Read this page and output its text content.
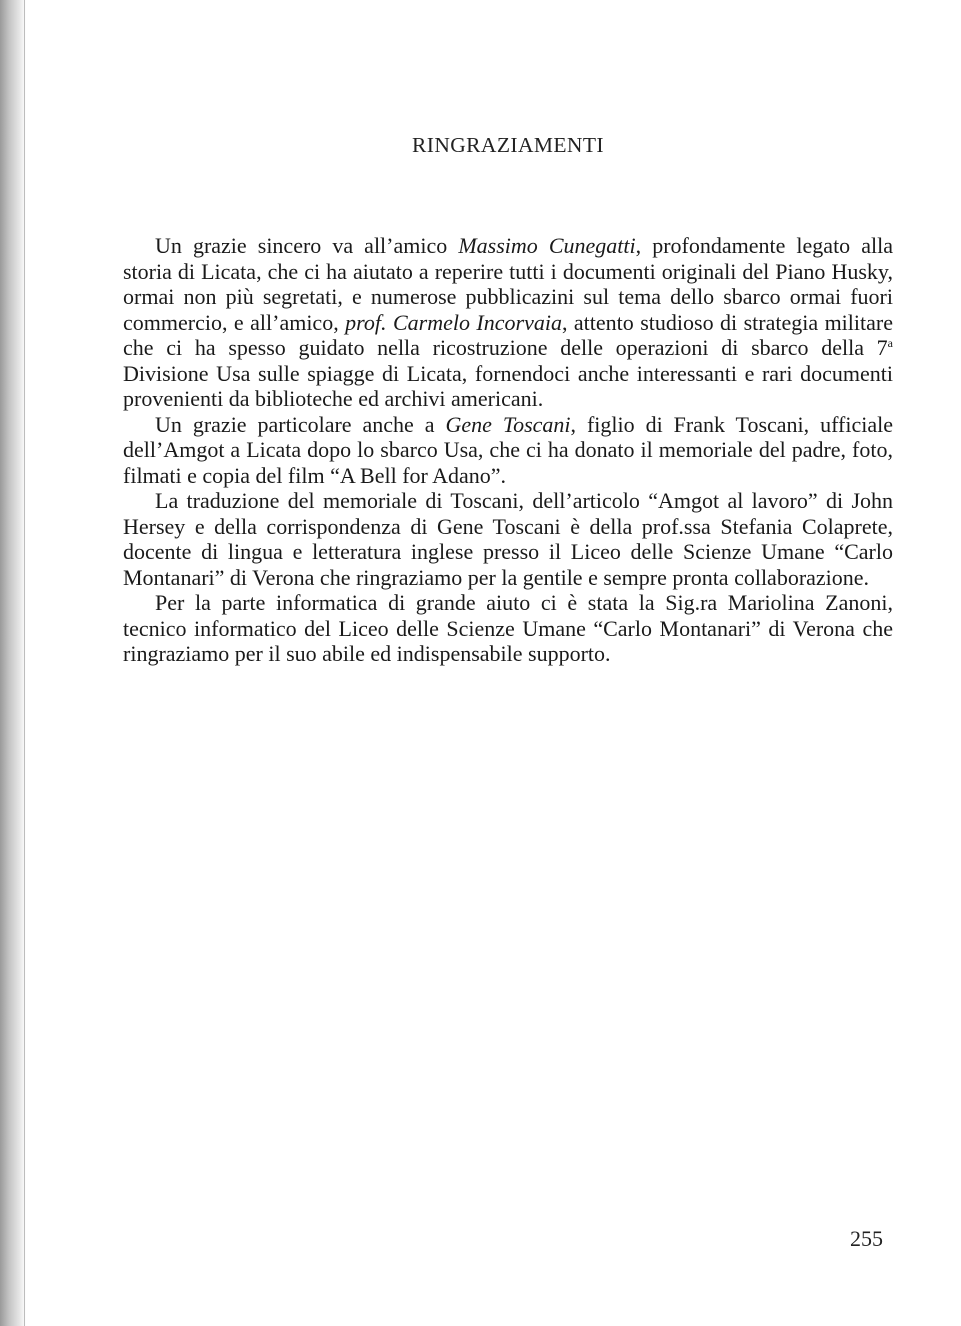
RINGRAZIAMENTI

Un grazie sincero va all’amico Massimo Cunegatti, profondamente legato alla storia di Licata, che ci ha aiutato a reperire tutti i documenti originali del Piano Husky, ormai non più segretati, e numerose pubblicazini sul tema dello sbarco ormai fuori commercio, e all’amico, prof. Carmelo Incorvaia, attento studioso di strategia militare che ci ha spesso guidato nella ricostruzione delle operazioni di sbarco della 7$^a$ Divisione Usa sulle spiagge di Licata, fornendoci anche interessanti e rari documenti provenienti da biblioteche ed archivi americani.

Un grazie particolare anche a Gene Toscani, figlio di Frank Toscani, ufficiale dell’Amgot a Licata dopo lo sbarco Usa, che ci ha donato il memoriale del padre, foto, filmati e copia del film “A Bell for Adano”.

La traduzione del memoriale di Toscani, dell’articolo “Amgot al lavoro” di John Hersey e della corrispondenza di Gene Toscani è della prof.ssa Stefania Colaprete, docente di lingua e letteratura inglese presso il Liceo delle Scienze Umane “Carlo Montanari” di Verona che ringraziamo per la gentile e sempre pronta collaborazione.

Per la parte informatica di grande aiuto ci è stata la Sig.ra Mariolina Zanoni, tecnico informatico del Liceo delle Scienze Umane “Carlo Montanari” di Verona che ringraziamo per il suo abile ed indispensabile supporto.

255
